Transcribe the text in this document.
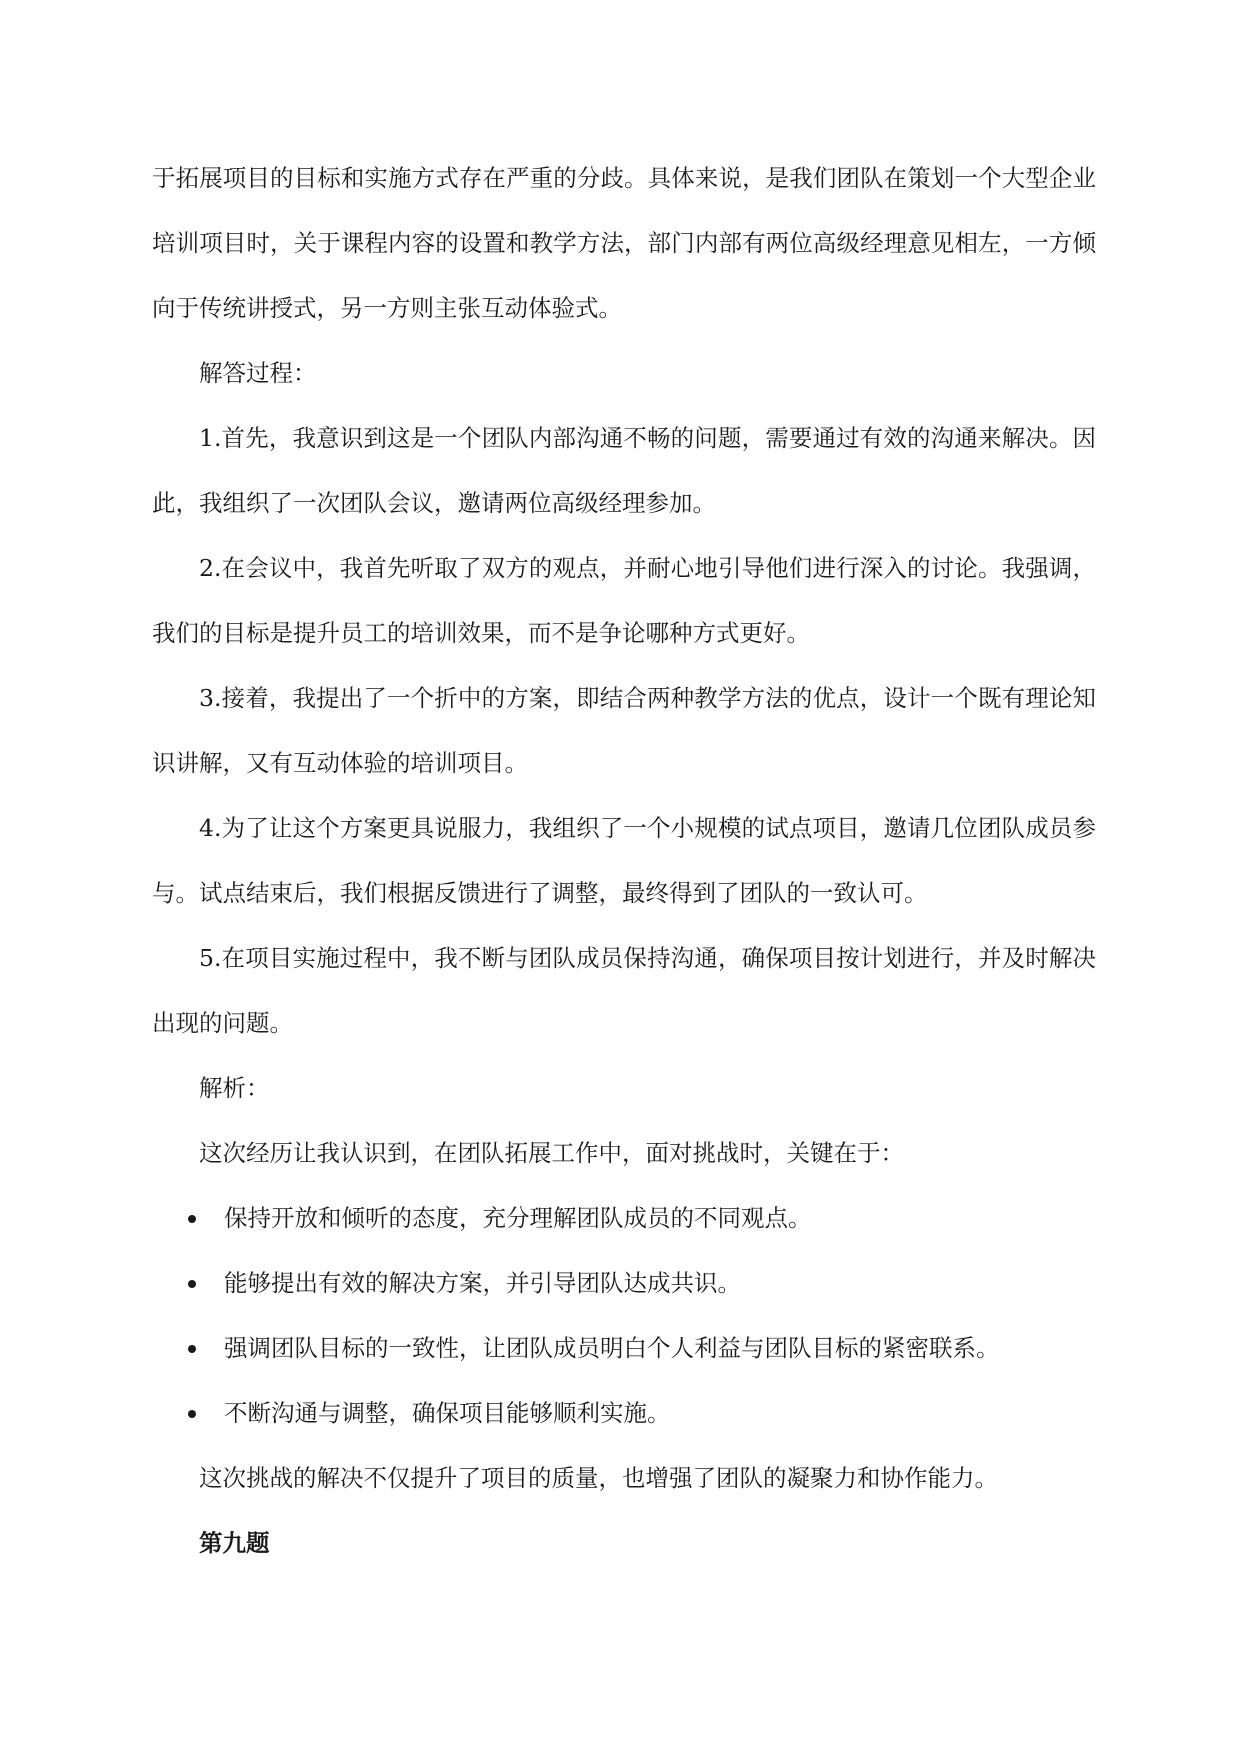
于拓展项目的目标和实施方式存在严重的分歧。具体来说，是我们团队在策划一个大型企业培训项目时，关于课程内容的设置和教学方法，部门内部有两位高级经理意见相左，一方倾向于传统讲授式，另一方则主张互动体验式。

解答过程：

1.首先，我意识到这是一个团队内部沟通不畅的问题，需要通过有效的沟通来解决。因此，我组织了一次团队会议，邀请两位高级经理参加。

2.在会议中，我首先听取了双方的观点，并耐心地引导他们进行深入的讨论。我强调，我们的目标是提升员工的培训效果，而不是争论哪种方式更好。

3.接着，我提出了一个折中的方案，即结合两种教学方法的优点，设计一个既有理论知识讲解，又有互动体验的培训项目。

4.为了让这个方案更具说服力，我组织了一个小规模的试点项目，邀请几位团队成员参与。试点结束后，我们根据反馈进行了调整，最终得到了团队的一致认可。

5.在项目实施过程中，我不断与团队成员保持沟通，确保项目按计划进行，并及时解决出现的问题。

解析：

这次经历让我认识到，在团队拓展工作中，面对挑战时，关键在于：

保持开放和倾听的态度，充分理解团队成员的不同观点。
能够提出有效的解决方案，并引导团队达成共识。
强调团队目标的一致性，让团队成员明白个人利益与团队目标的紧密联系。
不断沟通与调整，确保项目能够顺利实施。

这次挑战的解决不仅提升了项目的质量，也增强了团队的凝聚力和协作能力。

第九题
